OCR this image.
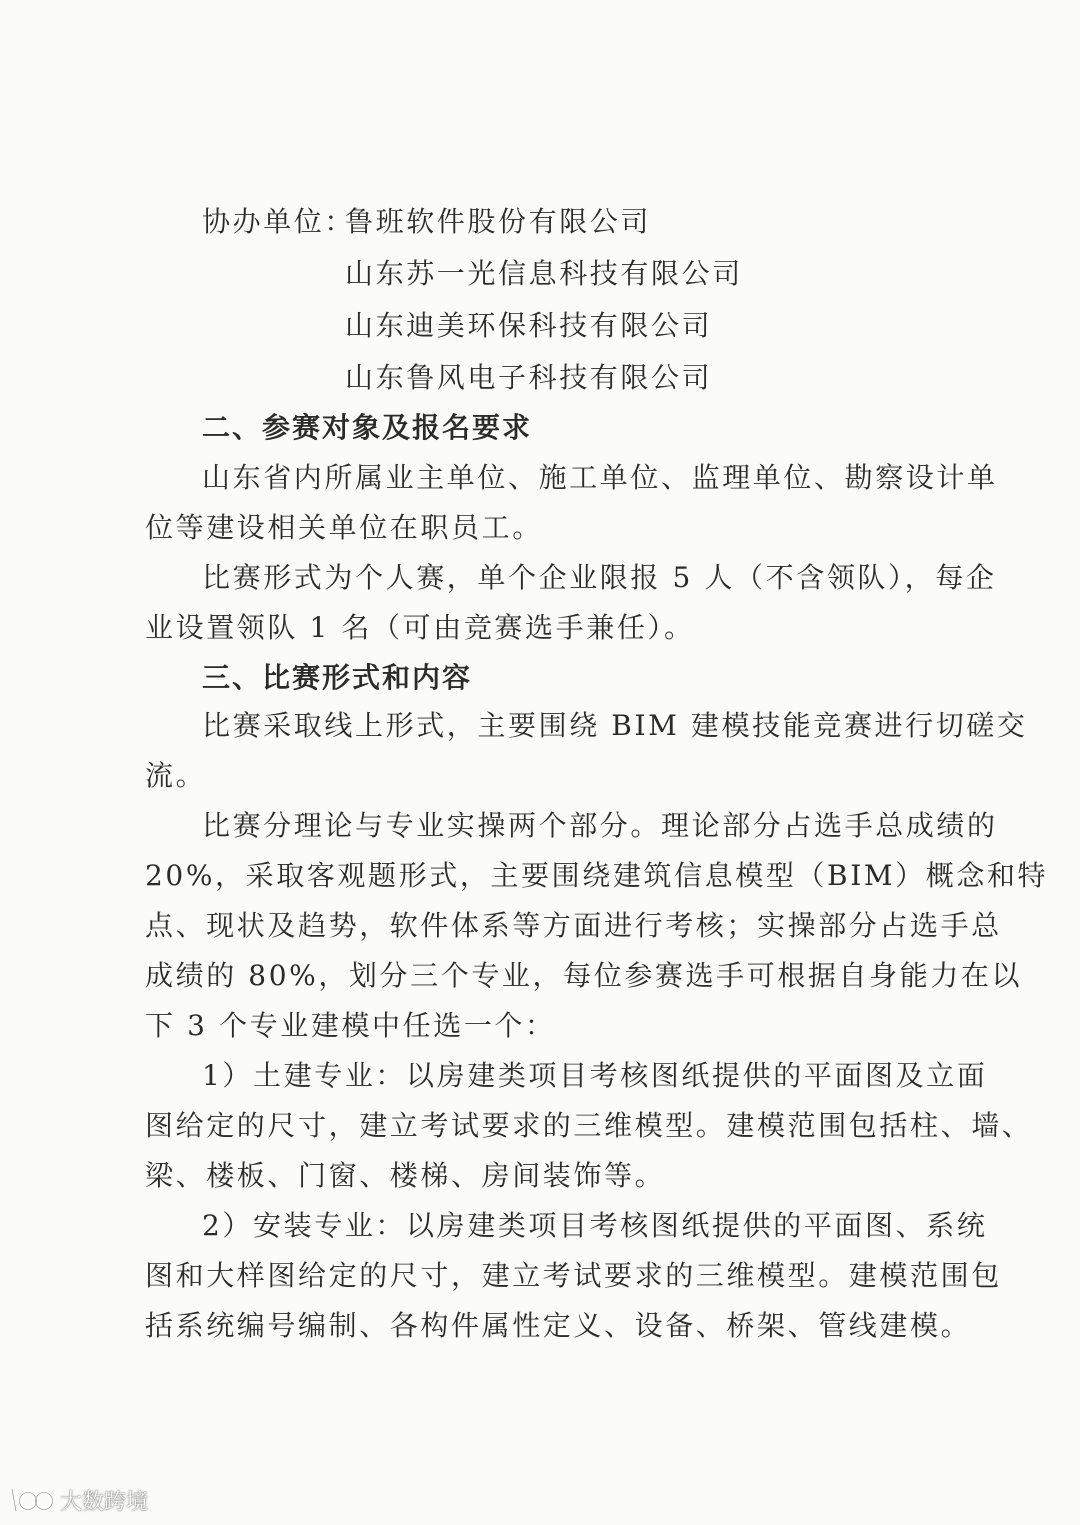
协办单位：
鲁班软件股份有限公司
山东苏一光信息科技有限公司
山东迪美环保科技有限公司
山东鲁风电子科技有限公司
二、参赛对象及报名要求
山东省内所属业主单位、施工单位、监理单位、勘察设计单
位等建设相关单位在职员工。
比赛形式为个人赛，单个企业限报 5 人（不含领队），每企
业设置领队 1 名（可由竞赛选手兼任）。
三、比赛形式和内容
比赛采取线上形式，主要围绕 BIM 建模技能竞赛进行切磋交
流。
比赛分理论与专业实操两个部分。理论部分占选手总成绩的
20%，采取客观题形式，主要围绕建筑信息模型（BIM）概念和特
点、现状及趋势，软件体系等方面进行考核；实操部分占选手总
成绩的 80%，划分三个专业，每位参赛选手可根据自身能力在以
下 3 个专业建模中任选一个：
1）土建专业：以房建类项目考核图纸提供的平面图及立面
图给定的尺寸，建立考试要求的三维模型。建模范围包括柱、墙、
梁、楼板、门窗、楼梯、房间装饰等。
2）安装专业：以房建类项目考核图纸提供的平面图、系统
图和大样图给定的尺寸，建立考试要求的三维模型。建模范围包
括系统编号编制、各构件属性定义、设备、桥架、管线建模。
大数跨境
